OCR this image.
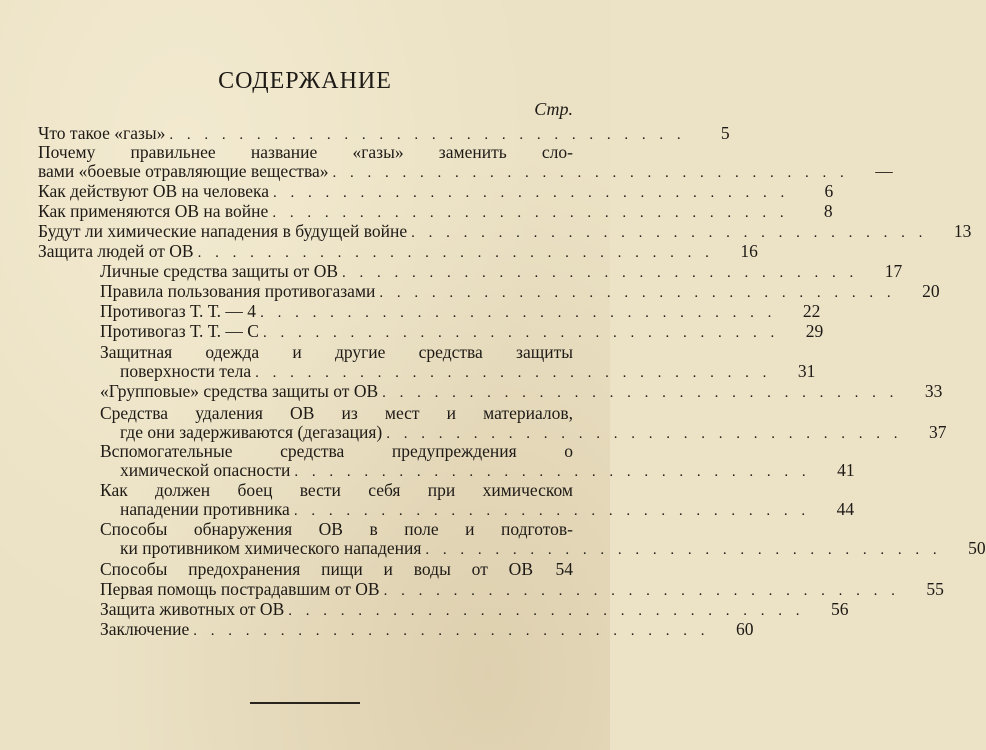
СОДЕРЖАНИЕ
Стр.
Что такое «газы» . . . . . . . . . . . . . . . . . . . . . . . . . . . . . .	5
Почему правильнее название «газы» заменить сло-
вами «боевые отравляющие вещества» . . . . . . . . . . . . . . . . . . . . . . . . . . . . . .	—
Как действуют ОВ на человека . . . . . . . . . . . . . . . . . . . . . . . . . . . . . .	6
Как применяются ОВ на войне . . . . . . . . . . . . . . . . . . . . . . . . . . . . . .	8
Будут ли химические нападения в будущей войне . . . . . . . . . . . . . . . . . . . . . . . . . . . . . .	13
Защита людей от ОВ . . . . . . . . . . . . . . . . . . . . . . . . . . . . . .	16
Личные средства защиты от ОВ . . . . . . . . . . . . . . . . . . . . . . . . . . . . . .	17
Правила пользования противогазами . . . . . . . . . . . . . . . . . . . . . . . . . . . . . .	20
Противогаз Т. Т. — 4 . . . . . . . . . . . . . . . . . . . . . . . . . . . . . .	22
Противогаз Т. Т. — С . . . . . . . . . . . . . . . . . . . . . . . . . . . . . .	29
Защитная одежда и другие средства защиты
поверхности тела . . . . . . . . . . . . . . . . . . . . . . . . . . . . . .	31
«Групповые» средства защиты от ОВ . . . . . . . . . . . . . . . . . . . . . . . . . . . . . .	33
Средства удаления ОВ из мест и материалов,
где они задерживаются (дегазация) . . . . . . . . . . . . . . . . . . . . . . . . . . . . . .	37
Вспомогательные средства предупреждения о
химической опасности . . . . . . . . . . . . . . . . . . . . . . . . . . . . . .	41
Как должен боец вести себя при химическом
нападении противника . . . . . . . . . . . . . . . . . . . . . . . . . . . . . .	44
Способы обнаружения ОВ в поле и подготов-
ки противником химического нападения . . . . . . . . . . . . . . . . . . . . . . . . . . . . . .	50
Способы предохранения пищи и воды от ОВ	54
Первая помощь пострадавшим от ОВ . . . . . . . . . . . . . . . . . . . . . . . . . . . . . .	55
Защита животных от ОВ . . . . . . . . . . . . . . . . . . . . . . . . . . . . . .	56
Заключение . . . . . . . . . . . . . . . . . . . . . . . . . . . . . .	60
